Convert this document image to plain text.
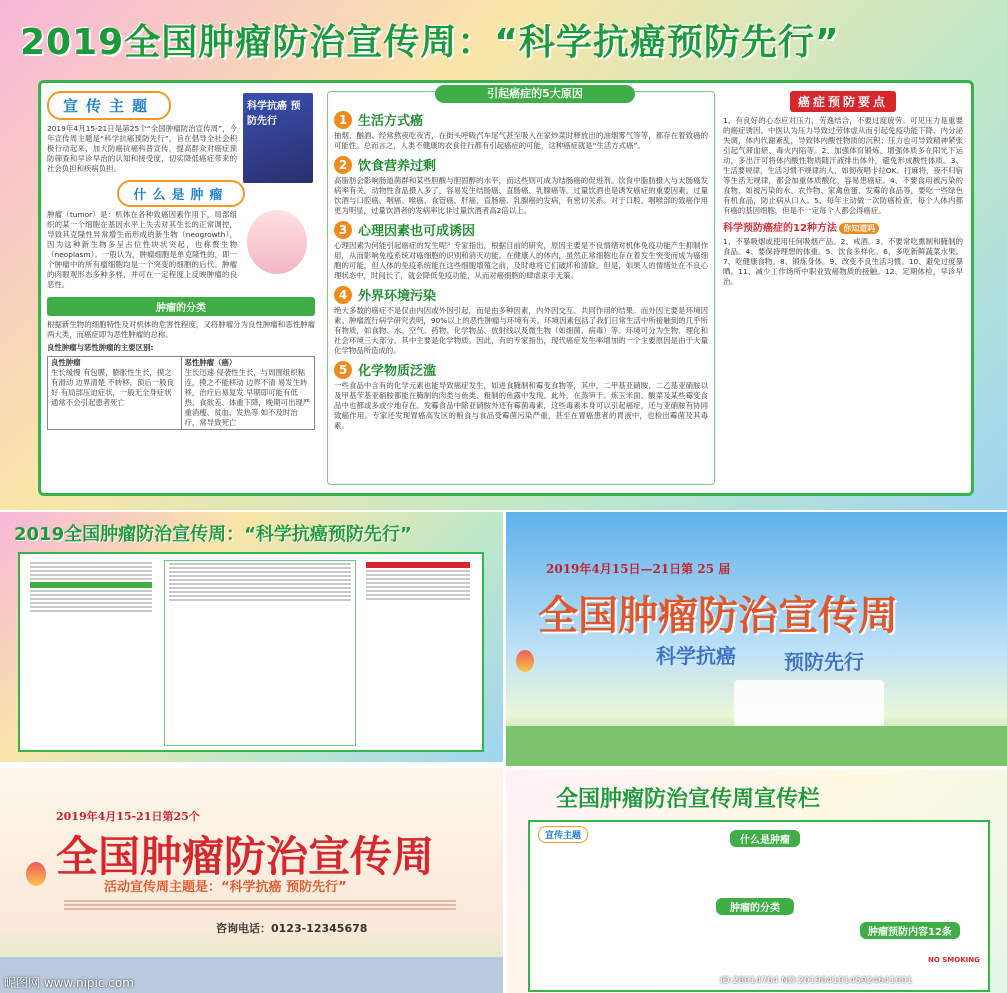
2019全国肿瘤防治宣传周：“科学抗癌预防先行”
宣传主题

2019年4月15-21日是第25个“全国肿瘤防治宣传周”，今年宣传周主题是“科学抗癌预防先行”，旨在倡导全社会积极行动起来，加大防癌抗癌科普宣传，提高群众对癌症预防筛查和早诊早治的认知和接受度，切实降低癌症带来的社会负担和疾病负担。

科学抗癌 预防先行
什么是肿瘤

肿瘤（tumor）是：机体在各种致癌因素作用下，局部组织的某一个细胞在基因水平上失去对其生长的正常调控，导致其克隆性异常增生而形成的新生物（neogrowth），因为这种新生物多呈占位性块状突起，也称赘生物（neoplasm）。一般认为，肿瘤细胞是单克隆性的，即一个肿瘤中的所有瘤细胞均是一个突变的细胞的后代。肿瘤的肉眼观形态多种多样，并可在一定程度上反映肿瘤的良恶性。

肿瘤的分类

根据新生物的细胞特性及对机体的危害性程度，又将肿瘤分为良性肿瘤和恶性肿瘤两大类，而癌症即为恶性肿瘤的总称。

良性肿瘤与恶性肿瘤的主要区别:

良性肿瘤
生长缓慢 有包膜，膨胀性生长，摸之有滑动 边界清楚 不转移，预后一般良好 有局部压迫症状，一般无全身症状 通常不会引起患者死亡
恶性肿瘤（癌）
生长迅速 侵袭性生长，与周围组织粘连，摸之不能移动 边界不清 易发生转移，治疗后易复发 早期即可能有低热、食欲差、体重下降，晚期可出现严重消瘦、贫血、发热等 如不及时治疗，常导致死亡
1 生活方式癌

抽烟、酗酒、经常熬夜吃夜宵，在街头呼吸汽车尾气甚至吸入在家炒菜时释放出的油烟雾气等等，都存在着致癌的可能性。总而言之，人类不健康的衣食住行都有引起癌症的可能，这种癌症就是“生活方式癌”。

2 饮食营养过剩

高脂肪会影响肠道菌群和某些胆酸与胆固醇的水平，而这些则可成为结肠癌的促进剂。饮食中脂肪摄入与大肠癌发病率有关。动物性食品摄入多了，容易发生结肠癌、直肠癌、乳腺癌等。过量饮酒也是诱发癌症的重要因素。过量饮酒与口腔癌、咽癌、喉癌、食管癌、肝癌、直肠癌、乳腺癌的发病，有密切关系。对于口腔、咽喉部的致癌作用更为明显，过量饮酒者的发病率比非过量饮酒者高2倍以上。

3 心理因素也可成诱因

心理因素为何能引起癌症的发生呢？专家指出，根据目前的研究，原因主要是不良情绪对机体免疫功能产生抑制作用，从而影响免疫系统对癌细胞的识别和消灭功能。在健康人的体内，虽然正常细胞也存在着发生突变而成为癌细胞的可能，但人体的免疫系统能在这些细胞增殖之前，及时地将它们破坏和清除。但是，如果人的情绪处在不良心理状态中，时间长了，就会降低免疫功能，从而对癌细胞的肆虐束手无策。

4 外界环境污染

绝大多数的癌症不是仅由内因或外因引起，而是由多种因素，内外因交互、共同作用的结果。而外因主要是环境因素。肿瘤流行病学研究表明，90%以上的恶性肿瘤与环境有关。环境因素包括了我们日常生活中所接触到的几乎所有物质，如食物、水、空气、药物、化学物品、放射线以及微生物（如细菌、病毒）等。环境可分为生物、理化和社会环境三大部分，其中主要是化学物质。因此，有的专家指出，现代癌症发生率增加的一个主要原因是由于大量化学物品所造成的。

5 化学物质泛滥

一些食品中含有的化学元素也能导致癌症发生，如进食腌制和霉变食物等，其中，二甲基亚硝胺、二乙基亚硝胺以及甲基苄基亚硝胺都能在腌制的肉类与鱼类、粗制的鱼露中发现。此外，在蒸笋干、炼玉米面、酸菜及某些霉变食品中也都或多或少地存在。发霉食品中除亚硝胺外还有霉菌毒素，这些毒素本身可以引起癌症，还与亚硝胺有协同致癌作用。专家还发现胃癌高发区的粮食与食品受霉菌污染严重，甚至在胃癌患者的胃液中，也检出霉菌及其毒素。

引起癌症的5大原因
癌症预防要点

1、有良好的心态应对压力，劳逸结合，不要过度疲劳。可见压力是重要的癌症诱因。中医认为压力导致过劳体虚从而引起免疫功能下降、内分泌失调，体内代谢紊乱，导致体内酸性物质的沉积；压力也可导致精神紧张引起气滞血瘀、毒火内陷等。2、加强体育锻炼，增强体质多在阳光下运动，多出汗可将体内酸性物质随汗液排出体外，避免形成酸性体质。3、生活要规律，生活习惯不规律的人，如彻夜唱卡拉OK、打麻将，夜不归宿等生活无规律，都会加重体质酸化，容易患癌症。4、不要食用被污染的食物，如被污染的水、农作物、家禽鱼蛋，发霉的食品等，要吃一些绿色有机食品，防止病从口入。5、每年主动做一次防癌检查，每个人体内都有癌的基因细胞，但是不一定每个人都会得癌症。

科学预防癌症的12种方法 你知道吗

1、不暴吸烟或使用任何吸烟产品。2、戒酒。3、不要常吃熏制和腌制的食品。4、要保持理想的体重。5、饮食多样化。6、多吃新鲜蔬菜水果。7、吃健康食物。8、锻炼身体。9、改变不良生活习惯。10、避免过度暴晒。11、减少工作场所中职业致癌物质的接触。12、定期体检，早诊早治。

2019全国肿瘤防治宣传周：“科学抗癌预防先行”
2019年4月15日—21日第 25 届
全国肿瘤防治宣传周
科学抗癌 预防先行
2019年4月15-21日第25个
全国肿瘤防治宣传周
活动宣传周主题是：“科学抗癌 预防先行”
咨询电话：0123-12345678
全国肿瘤防治宣传周宣传栏
宣传主题	什么是肿瘤
肿瘤的分类
肿瘤预防内容12条
NO SMOKING
昵图网 www.nipic.com	ID:28014764 NO:20190410145924641001
